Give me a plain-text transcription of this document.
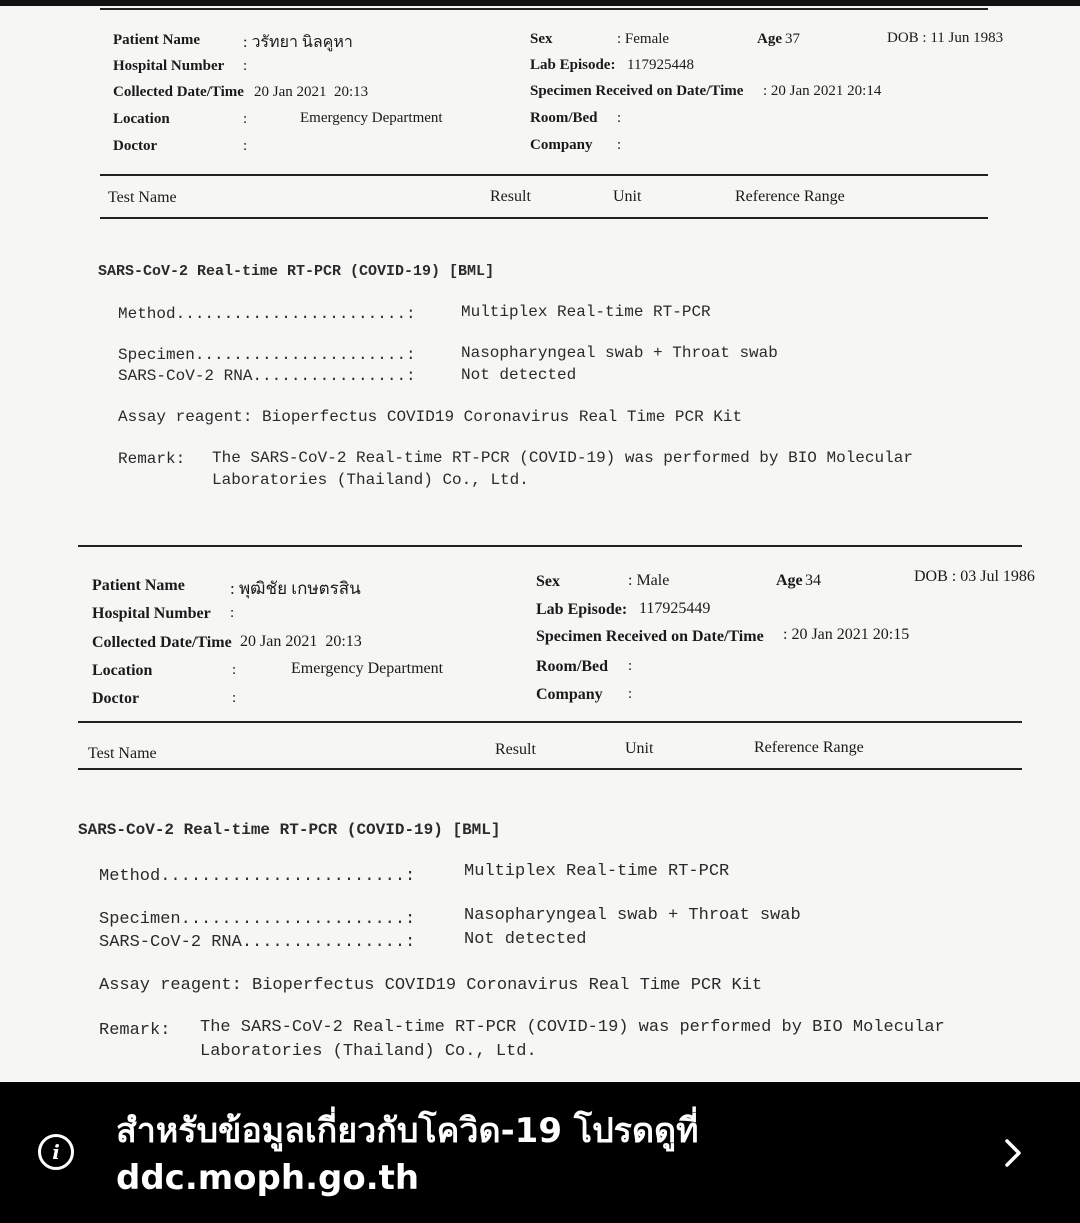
Patient Name	: วรัทยา นิลคูหา
Hospital Number :
Collected Date/Time 20 Jan 2021  20:13
Location	:	Emergency Department
Doctor	:
Sex	: Female	Age 37	DOB : 11 Jun 1983
Lab Episode: 117925448
Specimen Received on Date/Time : 20 Jan 2021 20:14
Room/Bed :
Company :
Test Name	Result	Unit	Reference Range
SARS-CoV-2 Real-time RT-PCR (COVID-19) [BML]
Method........................:	Multiplex Real-time RT-PCR
Specimen......................:	Nasopharyngeal swab + Throat swab
SARS-CoV-2 RNA................:	Not detected
Assay reagent: Bioperfectus COVID19 Coronavirus Real Time PCR Kit
Remark: The SARS-CoV-2 Real-time RT-PCR (COVID-19) was performed by BIO Molecular
Laboratories (Thailand) Co., Ltd.
Patient Name	: พุฒิชัย เกษตรสิน
Hospital Number :
Collected Date/Time 20 Jan 2021  20:13
Location	:	Emergency Department
Doctor	:
Sex	: Male	Age 34	DOB : 03 Jul 1986
Lab Episode: 117925449
Specimen Received on Date/Time : 20 Jan 2021 20:15
Room/Bed :
Company :
Test Name	Result	Unit	Reference Range
SARS-CoV-2 Real-time RT-PCR (COVID-19) [BML]
Method........................:	Multiplex Real-time RT-PCR
Specimen......................:	Nasopharyngeal swab + Throat swab
SARS-CoV-2 RNA................:	Not detected
Assay reagent: Bioperfectus COVID19 Coronavirus Real Time PCR Kit
Remark: The SARS-CoV-2 Real-time RT-PCR (COVID-19) was performed by BIO Molecular
Laboratories (Thailand) Co., Ltd.
i
สำหรับข้อมูลเกี่ยวกับโควิด-19 โปรดดูที่ ddc.moph.go.th
